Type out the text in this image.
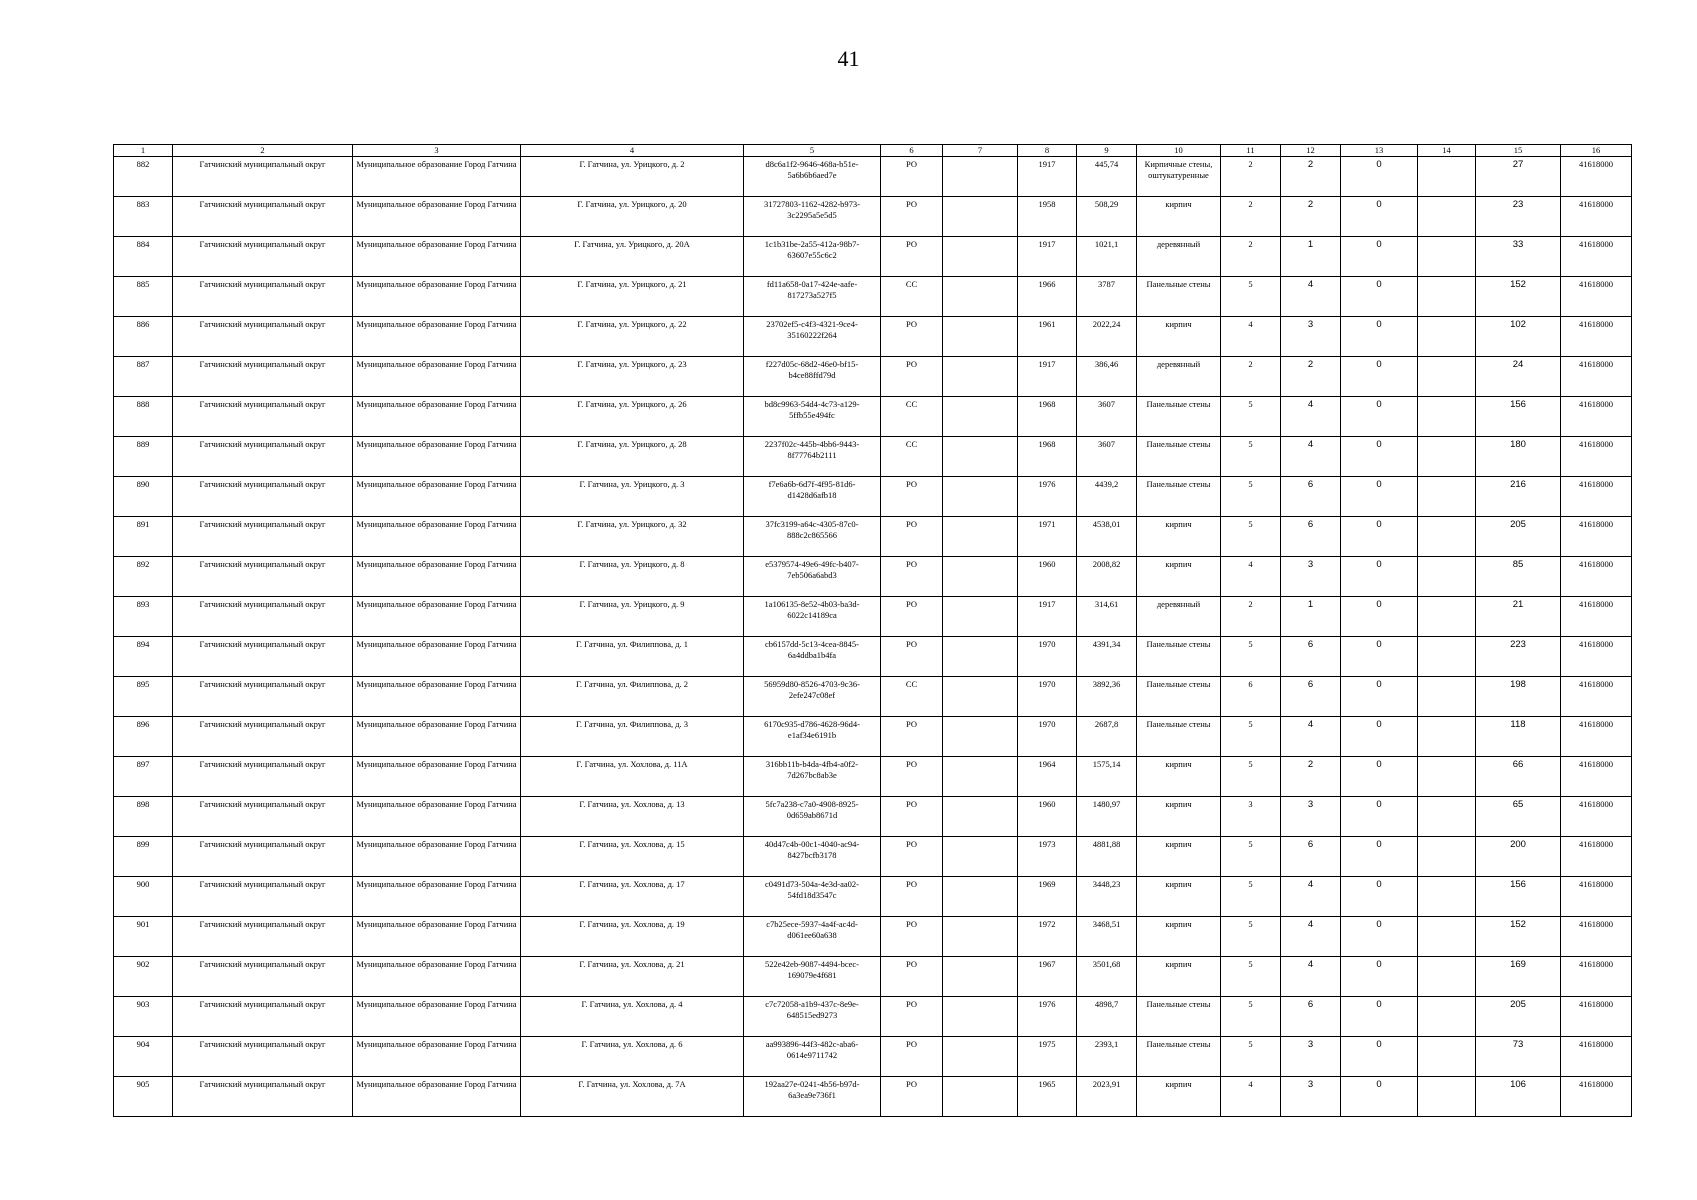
41
1	2	3	4	5	6	7	8	9	10	11	12	13	14	15	16
882	Гатчинский муниципальный округ	Муниципальное образование Город Гатчина	Г. Гатчина, ул. Урицкого, д. 2	d8c6a1f2-9646-468a-b51e-5a6b6b6aed7e	РО		1917	445,74	Кирпичные стены, оштукатуренные	2	2	0		27	41618000
883	Гатчинский муниципальный округ	Муниципальное образование Город Гатчина	Г. Гатчина, ул. Урицкого, д. 20	31727803-1162-4282-b973-3c2295a5e5d5	РО		1958	508,29	кирпич	2	2	0		23	41618000
884	Гатчинский муниципальный округ	Муниципальное образование Город Гатчина	Г. Гатчина, ул. Урицкого, д. 20А	1c1b31be-2a55-412a-98b7-63607e55c6c2	РО		1917	1021,1	деревянный	2	1	0		33	41618000
885	Гатчинский муниципальный округ	Муниципальное образование Город Гатчина	Г. Гатчина, ул. Урицкого, д. 21	fd11a658-0a17-424e-aafe-817273a527f5	СС		1966	3787	Панельные стены	5	4	0		152	41618000
886	Гатчинский муниципальный округ	Муниципальное образование Город Гатчина	Г. Гатчина, ул. Урицкого, д. 22	23702ef5-c4f3-4321-9ce4-35160222f264	РО		1961	2022,24	кирпич	4	3	0		102	41618000
887	Гатчинский муниципальный округ	Муниципальное образование Город Гатчина	Г. Гатчина, ул. Урицкого, д. 23	f227d05c-68d2-46e0-bf15-b4ce88ffd79d	РО		1917	386,46	деревянный	2	2	0		24	41618000
888	Гатчинский муниципальный округ	Муниципальное образование Город Гатчина	Г. Гатчина, ул. Урицкого, д. 26	bd8c9963-54d4-4c73-a129-5ffb55e494fc	СС		1968	3607	Панельные стены	5	4	0		156	41618000
889	Гатчинский муниципальный округ	Муниципальное образование Город Гатчина	Г. Гатчина, ул. Урицкого, д. 28	2237f02c-445b-4bb6-9443-8f77764b2111	СС		1968	3607	Панельные стены	5	4	0		180	41618000
890	Гатчинский муниципальный округ	Муниципальное образование Город Гатчина	Г. Гатчина, ул. Урицкого, д. 3	f7e6a6b-6d7f-4f95-81d6-d1428d6afb18	РО		1976	4439,2	Панельные стены	5	6	0		216	41618000
891	Гатчинский муниципальный округ	Муниципальное образование Город Гатчина	Г. Гатчина, ул. Урицкого, д. 32	37fc3199-a64c-4305-87c0-888c2c865566	РО		1971	4538,01	кирпич	5	6	0		205	41618000
892	Гатчинский муниципальный округ	Муниципальное образование Город Гатчина	Г. Гатчина, ул. Урицкого, д. 8	e5379574-49e6-49fc-b407-7eb506a6abd3	РО		1960	2008,82	кирпич	4	3	0		85	41618000
893	Гатчинский муниципальный округ	Муниципальное образование Город Гатчина	Г. Гатчина, ул. Урицкого, д. 9	1a106135-8e52-4b03-ba3d-6022c14189ca	РО		1917	314,61	деревянный	2	1	0		21	41618000
894	Гатчинский муниципальный округ	Муниципальное образование Город Гатчина	Г. Гатчина, ул. Филиппова, д. 1	cb6157dd-5c13-4cea-8845-6a4ddba1b4fa	РО		1970	4391,34	Панельные стены	5	6	0		223	41618000
895	Гатчинский муниципальный округ	Муниципальное образование Город Гатчина	Г. Гатчина, ул. Филиппова, д. 2	56959d80-8526-4703-9c36-2efe247c08ef	СС		1970	3892,36	Панельные стены	6	6	0		198	41618000
896	Гатчинский муниципальный округ	Муниципальное образование Город Гатчина	Г. Гатчина, ул. Филиппова, д. 3	6170c935-d786-4628-96d4-e1af34e6191b	РО		1970	2687,8	Панельные стены	5	4	0		118	41618000
897	Гатчинский муниципальный округ	Муниципальное образование Город Гатчина	Г. Гатчина, ул. Хохлова, д. 11А	316bb11b-b4da-4fb4-a0f2-7d267bc8ab3e	РО		1964	1575,14	кирпич	5	2	0		66	41618000
898	Гатчинский муниципальный округ	Муниципальное образование Город Гатчина	Г. Гатчина, ул. Хохлова, д. 13	5fc7a238-c7a0-4908-8925-0d659ab8671d	РО		1960	1480,97	кирпич	3	3	0		65	41618000
899	Гатчинский муниципальный округ	Муниципальное образование Город Гатчина	Г. Гатчина, ул. Хохлова, д. 15	40d47c4b-00c1-4040-ac94-8427bcfb3178	РО		1973	4881,88	кирпич	5	6	0		200	41618000
900	Гатчинский муниципальный округ	Муниципальное образование Город Гатчина	Г. Гатчина, ул. Хохлова, д. 17	c0491d73-504a-4e3d-aa02-54fd18d3547c	РО		1969	3448,23	кирпич	5	4	0		156	41618000
901	Гатчинский муниципальный округ	Муниципальное образование Город Гатчина	Г. Гатчина, ул. Хохлова, д. 19	c7b25ece-5937-4a4f-ac4d-d061ee60a638	РО		1972	3468,51	кирпич	5	4	0		152	41618000
902	Гатчинский муниципальный округ	Муниципальное образование Город Гатчина	Г. Гатчина, ул. Хохлова, д. 21	522e42eb-9087-4494-bcec-169079e4f681	РО		1967	3501,68	кирпич	5	4	0		169	41618000
903	Гатчинский муниципальный округ	Муниципальное образование Город Гатчина	Г. Гатчина, ул. Хохлова, д. 4	c7c72058-a1b9-437c-8e9e-648515ed9273	РО		1976	4898,7	Панельные стены	5	6	0		205	41618000
904	Гатчинский муниципальный округ	Муниципальное образование Город Гатчина	Г. Гатчина, ул. Хохлова, д. 6	aa993896-44f3-482c-aba6-0614e9711742	РО		1975	2393,1	Панельные стены	5	3	0		73	41618000
905	Гатчинский муниципальный округ	Муниципальное образование Город Гатчина	Г. Гатчина, ул. Хохлова, д. 7А	192aa27e-0241-4b56-b97d-6a3ea9e736f1	РО		1965	2023,91	кирпич	4	3	0		106	41618000
